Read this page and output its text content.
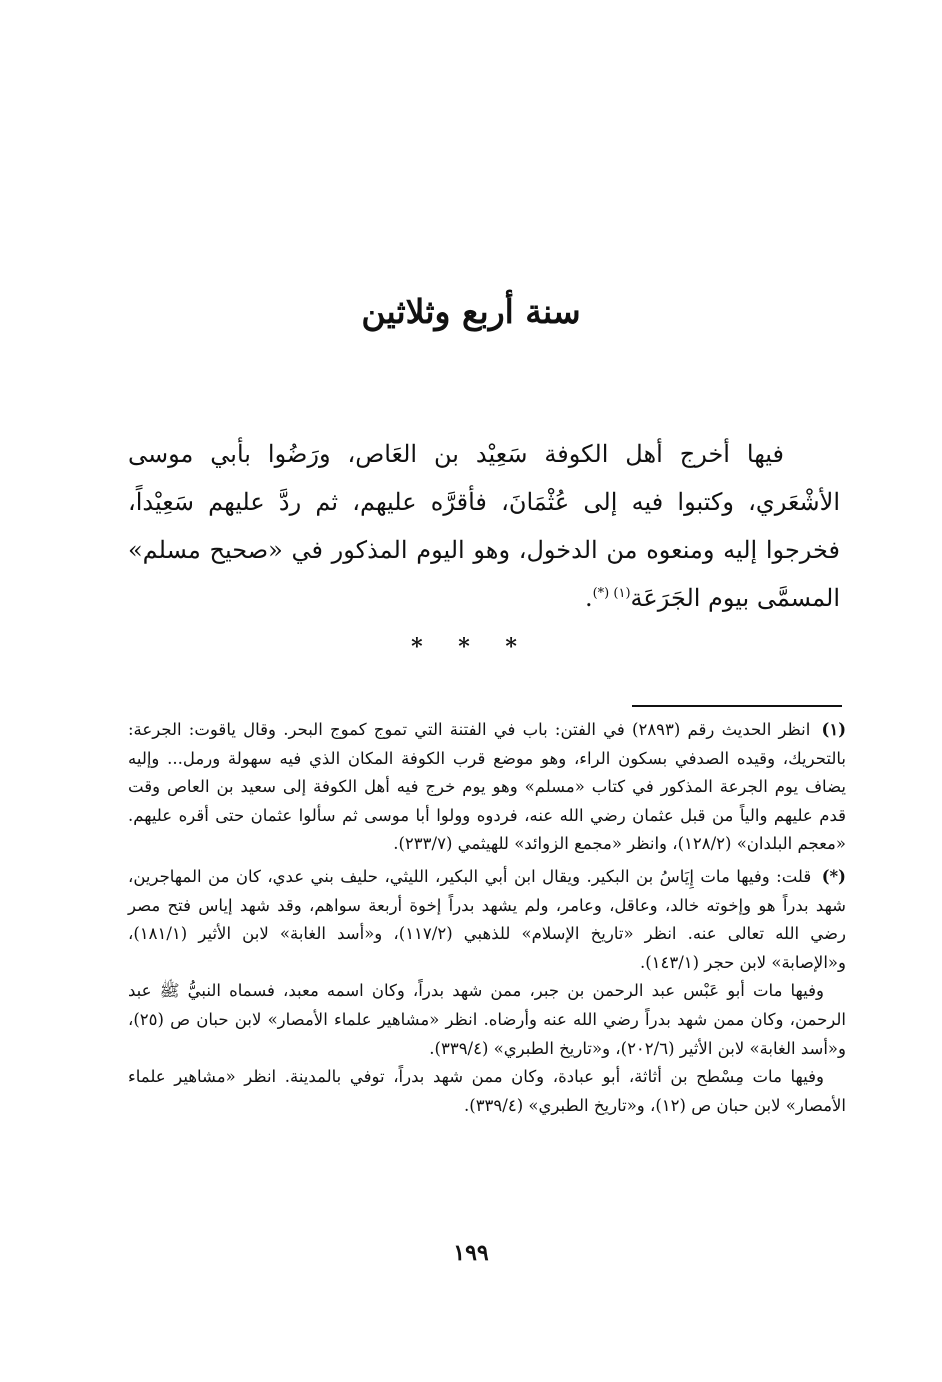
سنة أربع وثلاثين

فيها أخرج أهل الكوفة سَعِيْد بن العَاص، ورَضُوا بأبي موسى الأشْعَري، وكتبوا فيه إلى عُثْمَانَ، فأقرَّه عليهم، ثم ردَّ عليهم سَعِيْداً، فخرجوا إليه ومنعوه من الدخول، وهو اليوم المذكور في «صحيح مسلم» المسمَّى بيوم الجَرَعَة$^{(١) (*)}$.

* * *

(١) انظر الحديث رقم (٢٨٩٣) في الفتن: باب في الفتنة التي تموج كموج البحر. وقال ياقوت: الجرعة: بالتحريك، وقيده الصدفي بسكون الراء، وهو موضع قرب الكوفة المكان الذي فيه سهولة ورمل... وإليه يضاف يوم الجرعة المذكور في كتاب «مسلم» وهو يوم خرج فيه أهل الكوفة إلى سعيد بن العاص وقت قدم عليهم والياً من قبل عثمان رضي الله عنه، فردوه وولوا أبا موسى ثم سألوا عثمان حتى أقره عليهم. «معجم البلدان» (١٢٨/٢)، وانظر «مجمع الزوائد» للهيثمي (٢٣٣/٧).

(*) قلت: وفيها مات إِيَاسُ بن البكير. ويقال ابن أبي البكير، الليثي، حليف بني عدي، كان من المهاجرين، شهد بدراً هو وإخوته خالد، وعاقل، وعامر، ولم يشهد بدراً إخوة أربعة سواهم، وقد شهد إياس فتح مصر رضي الله تعالى عنه. انظر «تاريخ الإسلام» للذهبي (١١٧/٢)، و«أسد الغابة» لابن الأثير (١٨١/١)، و«الإصابة» لابن حجر (١٤٣/١).

وفيها مات أبو عَبْس عبد الرحمن بن جبر، ممن شهد بدراً، وكان اسمه معبد، فسماه النبيُّ ﷺ عبد الرحمن، وكان ممن شهد بدراً رضي الله عنه وأرضاه. انظر «مشاهير علماء الأمصار» لابن حبان ص (٢٥)، و«أسد الغابة» لابن الأثير (٢٠٢/٦)، و«تاريخ الطبري» (٣٣٩/٤).

وفيها مات مِسْطح بن أثاثة، أبو عبادة، وكان ممن شهد بدراً، توفي بالمدينة. انظر «مشاهير علماء الأمصار» لابن حبان ص (١٢)، و«تاريخ الطبري» (٣٣٩/٤).

١٩٩
